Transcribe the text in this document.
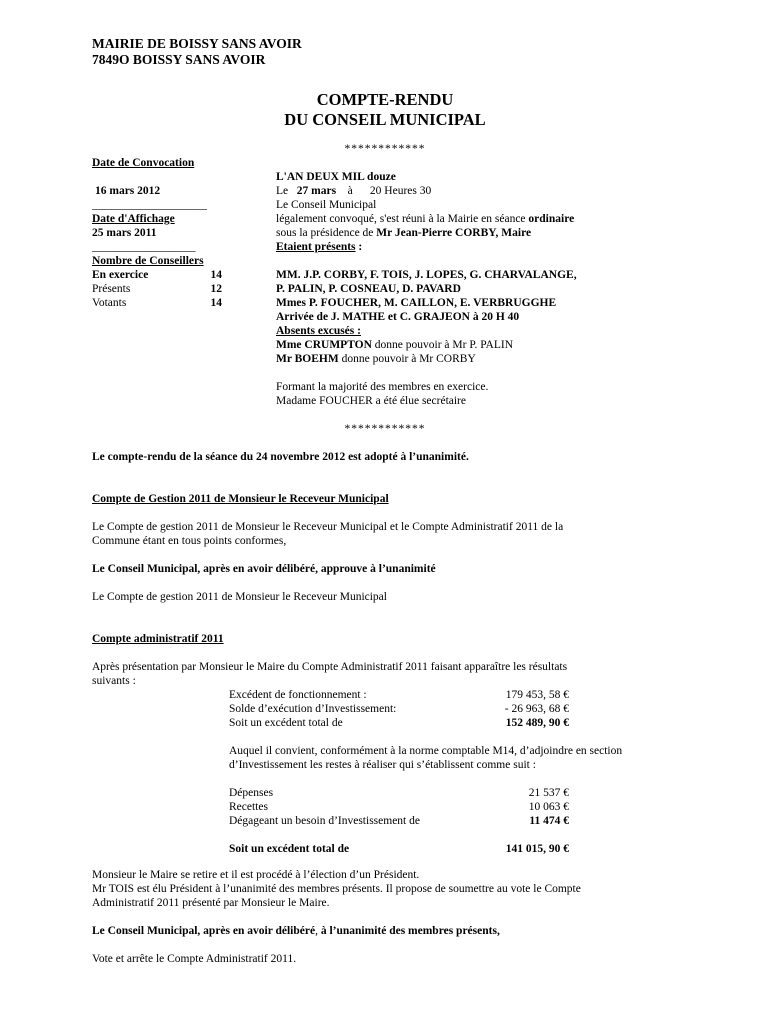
MAIRIE DE BOISSY SANS AVOIR
7849O BOISSY SANS AVOIR
COMPTE-RENDU
DU CONSEIL MUNICIPAL
************
Date de Convocation
16 mars 2012
____________________
Date d'Affichage
25 mars 2011
__________________
Nombre de Conseillers
En exercice	14
Présents	12
Votants	14
L'AN DEUX MIL douze
Le 27 mars à 20 Heures 30
Le Conseil Municipal
légalement convoqué, s'est réuni à la Mairie en séance ordinaire
sous la présidence de Mr Jean-Pierre CORBY, Maire
Etaient présents :
MM. J.P. CORBY, F. TOIS, J. LOPES, G. CHARVALANGE,
P. PALIN, P. COSNEAU, D. PAVARD
Mmes P. FOUCHER, M. CAILLON, E. VERBRUGGHE
Arrivée de J. MATHE et C. GRAJEON à 20 H 40
Absents excusés :
Mme CRUMPTON donne pouvoir à Mr P. PALIN
Mr BOEHM donne pouvoir à Mr CORBY
Formant la majorité des membres en exercice.
Madame FOUCHER a été élue secrétaire
************
Le compte-rendu de la séance du 24 novembre 2012 est adopté à l’unanimité.
Compte de Gestion 2011 de Monsieur le Receveur Municipal
Le Compte de gestion 2011 de Monsieur le Receveur Municipal et le Compte Administratif 2011 de la
Commune étant en tous points conformes,
Le Conseil Municipal, après en avoir délibéré, approuve à l’unanimité
Le Compte de gestion 2011 de Monsieur le Receveur Municipal
Compte administratif 2011
Après présentation par Monsieur le Maire du Compte Administratif 2011 faisant apparaître les résultats
suivants :
Excédent de fonctionnement :	179 453, 58 €
Solde d’exécution d’Investissement:	- 26 963, 68 €
Soit un excédent total de	152 489, 90 €
Auquel il convient, conformément à la norme comptable M14, d’adjoindre en section
d’Investissement les restes à réaliser qui s’établissent comme suit :
Dépenses	21 537 €
Recettes	10 063 €
Dégageant un besoin d’Investissement de	11 474 €
Soit un excédent total de	141 015, 90 €
Monsieur le Maire se retire et il est procédé à l’élection d’un Président.
Mr TOIS est élu Président à l’unanimité des membres présents. Il propose de soumettre au vote le Compte
Administratif 2011 présenté par Monsieur le Maire.
Le Conseil Municipal, après en avoir délibéré, à l’unanimité des membres présents,
Vote et arrête le Compte Administratif 2011.
